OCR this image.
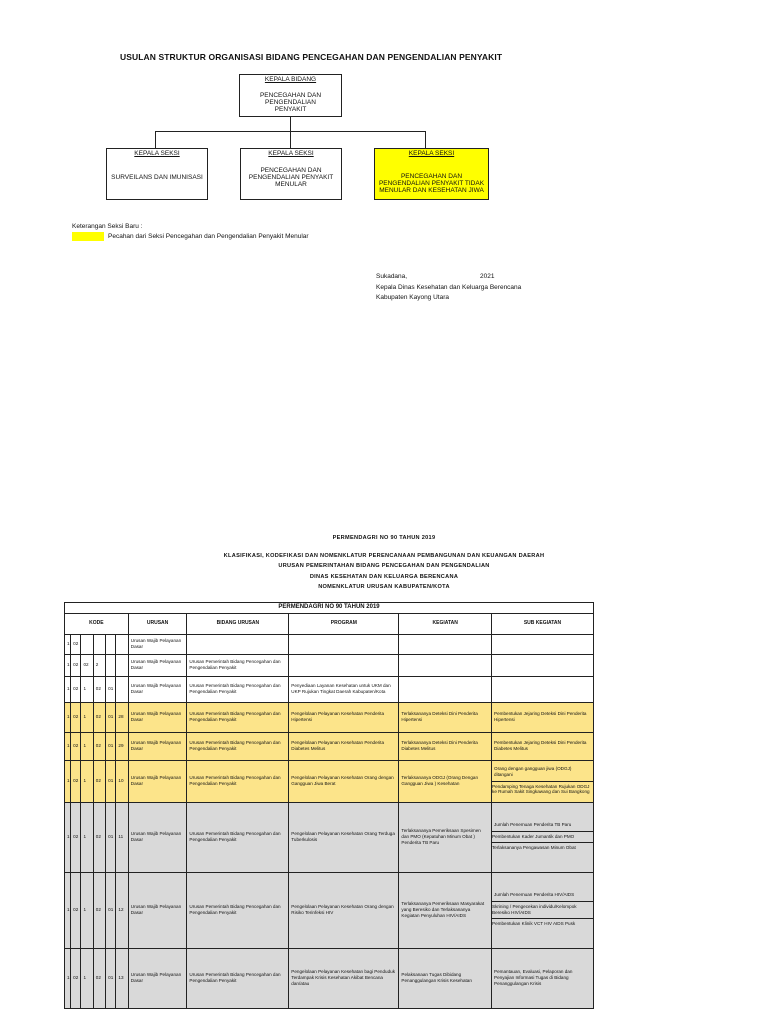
USULAN STRUKTUR ORGANISASI BIDANG PENCEGAHAN DAN PENGENDALIAN PENYAKIT
KEPALA BIDANG
PENCEGAHAN DAN PENGENDALIAN PENYAKIT
KEPALA SEKSI
SURVEILANS DAN IMUNISASI
KEPALA SEKSI
PENCEGAHAN DAN PENGENDALIAN PENYAKIT MENULAR
KEPALA SEKSI
PENCEGAHAN DAN PENGENDALIAN PENYAKIT TIDAK MENULAR DAN KESEHATAN JIWA
Keterangan Seksi Baru :
Pecahan dari Seksi Pencegahan dan Pengendalian Penyakit Menular
Sukadana,	2021
Kepala Dinas Kesehatan dan Keluarga Berencana
Kabupaten Kayong Utara
PERMENDAGRI NO 90 TAHUN 2019
KLASIFIKASI, KODEFIKASI DAN NOMENKLATUR PERENCANAAN PEMBANGUNAN DAN KEUANGAN DAERAH
URUSAN PEMERINTAHAN BIDANG PENCEGAHAN DAN PENGENDALIAN
DINAS KESEHATAN DAN KELUARGA BERENCANA
NOMENKLATUR URUSAN KABUPATEN/KOTA
PERMENDAGRI NO 90 TAHUN 2019										
KODE						URUSAN	BIDANG URUSAN	PROGRAM	KEGIATAN	SUB KEGIATAN
1	02					Urusan Wajib Pelayanan Dasar				
1	02	02	2			Urusan Wajib Pelayanan Dasar	Urusan Pemerintah Bidang Pencegahan dan Pengendalian Penyakit			
1	02	1	02	01		Urusan Wajib Pelayanan Dasar	Urusan Pemerintah Bidang Pencegahan dan Pengendalian Penyakit	Penyediaan Layanan Kesehatan untuk UKM dan UKP Rujukan Tingkat Daerah Kabupaten/Kota		
1	02	1	02	01	28	Urusan Wajib Pelayanan Dasar	Urusan Pemerintah Bidang Pencegahan dan Pengendalian Penyakit	Pengelolaan Pelayanan Kesehatan Penderita Hipertensi	Terlaksananya Deteksi Dini Penderita Hipertensi	Pembentukan Jejaring Deteksi Dini Penderita Hipertensi

1	02	1	02	01	29	Urusan Wajib Pelayanan Dasar	Urusan Pemerintah Bidang Pencegahan dan Pengendalian Penyakit	Pengelolaan Pelayanan Kesehatan Penderita Diabetes Melitus	Terlaksananya Deteksi Dini Penderita Diabetes Melitus	Pembentukan Jejaring Deteksi Dini Penderita Diabetes Melitus

1	02	1	02	01	10	Urusan Wajib Pelayanan Dasar	Urusan Pemerintah Bidang Pencegahan dan Pengendalian Penyakit	Pengelolaan Pelayanan Kesehatan Orang dengan Gangguan Jiwa Berat	Terlaksananya ODGJ (Orang Dengan Gangguan Jiwa ) Kesehatan	Orang dengan gangguan jiwa (ODGJ) ditangani
Pendamping Tenaga Kesehatan Rujukan ODGJ ke Rumah Sakit Singkawang dan Sui Bangkong

1	02	1	02	01	11	Urusan Wajib Pelayanan Dasar	Urusan Pemerintah Bidang Pencegahan dan Pengendalian Penyakit	Pengelolaan Pelayanan Kesehatan Orang Terduga Tuberkulosis	Terlaksananya Pemeriksaan Spesimen dan PMO (Kepatuhan Minum Obat ) Penderita TB Paru	Jumlah Penemuan Penderita TB Paru
Pembentukan Kader Jumantik dan PMO
Terlaksananya Pengawasan Minum Obat

1	02	1	02	01	12	Urusan Wajib Pelayanan Dasar	Urusan Pemerintah Bidang Pencegahan dan Pengendalian Penyakit	Pengelolaan Pelayanan Kesehatan Orang dengan Risiko Terinfeksi HIV	Terlaksananya Pemeriksaan Masyarakat yang Beresiko dan Terlaksananya Kegiatan Penyuluhan HIV/AIDS	Jumlah Penemuan Penderita HIV/AIDS
Skrining / Pengecekan individu/Kelompok Beresiko HIV/AIDS
Pembentukan Klinik VCT HIV AIDS Pusk

1	02	1	02	01	13	Urusan Wajib Pelayanan Dasar	Urusan Pemerintah Bidang Pencegahan dan Pengendalian Penyakit	Pengelolaan Pelayanan Kesehatan bagi Penduduk Terdampak Krisis Kesehatan Akibat Bencana dan/atau	Pelaksanaan Tugas Dibidang Penanggulangan Krisis Kesehatan	Pemantauan, Evaluasi, Pelaporan dan Penyajian Informasi Tugas di Bidang Penanggulangan Krisis
